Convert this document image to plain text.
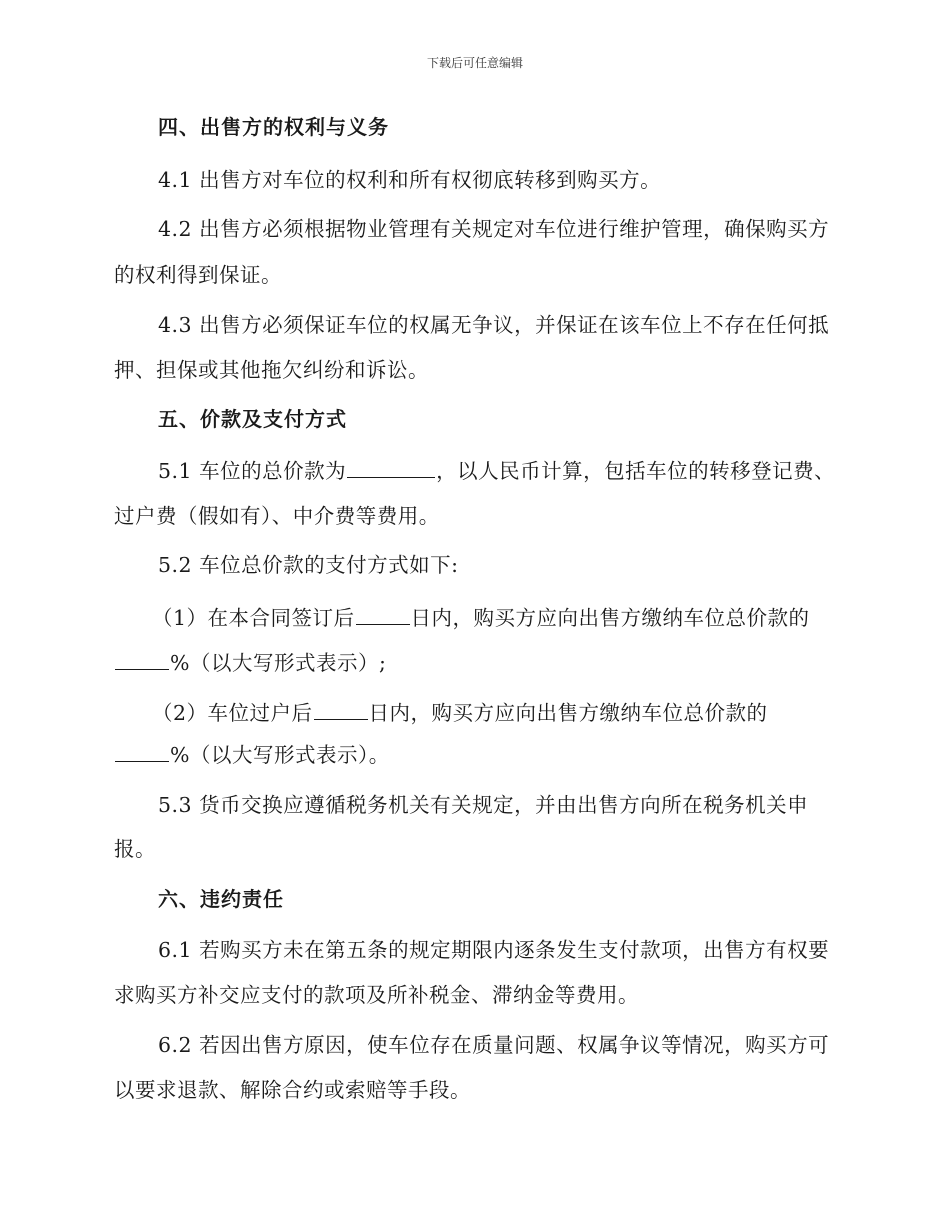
下载后可任意编辑
四、出售方的权利与义务
4.1 出售方对车位的权利和所有权彻底转移到购买方。
4.2 出售方必须根据物业管理有关规定对车位进行维护管理，确保购买方
的权利得到保证。
4.3 出售方必须保证车位的权属无争议，并保证在该车位上不存在任何抵
押、担保或其他拖欠纠纷和诉讼。
五、价款及支付方式
5.1 车位的总价款为	，以人民币计算，包括车位的转移登记费、
过户费（假如有）、中介费等费用。
5.2 车位总价款的支付方式如下:
（1）在本合同签订后	日内，购买方应向出售方缴纳车位总价款的
%（以大写形式表示）;
（2）车位过户后	日内，购买方应向出售方缴纳车位总价款的
%（以大写形式表示）。
5.3 货币交换应遵循税务机关有关规定，并由出售方向所在税务机关申
报。
六、违约责任
6.1 若购买方未在第五条的规定期限内逐条发生支付款项，出售方有权要
求购买方补交应支付的款项及所补税金、滞纳金等费用。
6.2 若因出售方原因，使车位存在质量问题、权属争议等情况，购买方可
以要求退款、解除合约或索赔等手段。
